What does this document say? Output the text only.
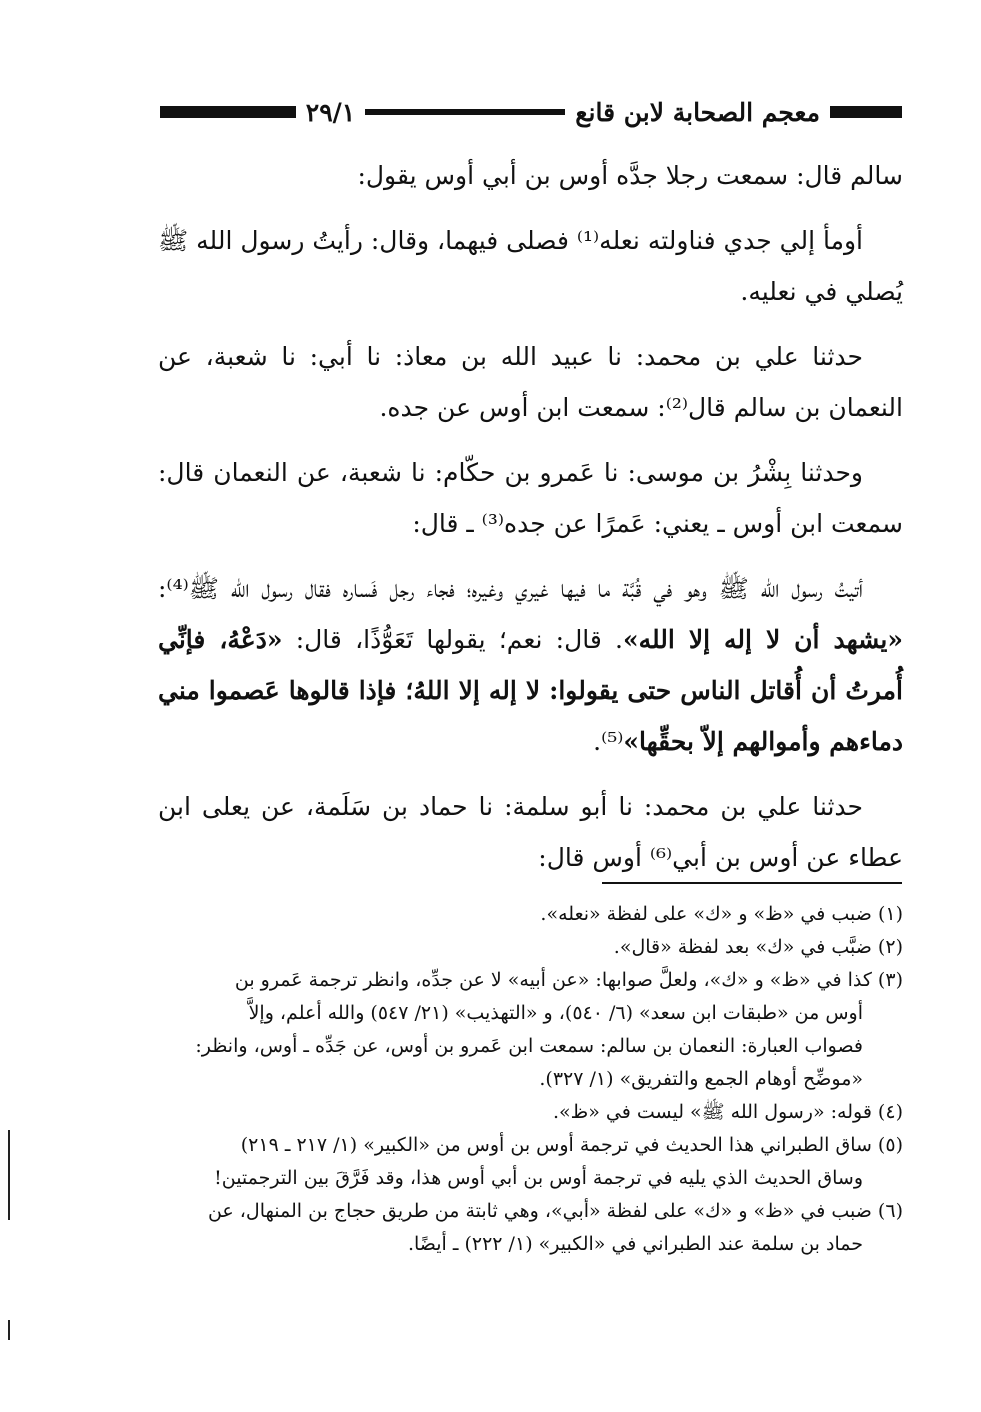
معجم الصحابة لابن قانع
٢٩/١

سالم قال: سمعت رجلا جدَّه أوس بن أبي أوس يقول:

أومأ إلي جدي فناولته نعله⁽¹⁾ فصلى فيهما، وقال: رأيتُ رسول الله ﷺ يُصلي في نعليه.

حدثنا علي بن محمد: نا عبيد الله بن معاذ: نا أبي: نا شعبة، عن النعمان بن سالم قال⁽²⁾: سمعت ابن أوس عن جده.

وحدثنا بِشْرُ بن موسى: نا عَمرو بن حكّام: نا شعبة، عن النعمان قال: سمعت ابن أوس ـ يعني: عَمرًا عن جده⁽³⁾ ـ قال:

أتيتُ رسول الله ﷺ وهو في قُبَّة ما فيها غيري وغيره؛ فجاء رجل فَساره فقال رسول الله ﷺ⁽⁴⁾: «يشهد أن لا إله إلا الله». قال: نعم؛ يقولها تَعَوُّذًا، قال: «دَعْهُ، فإنِّي أُمرتُ أن أُقاتل الناس حتى يقولوا: لا إله إلا اللهُ؛ فإذا قالوها عَصموا مني دماءهم وأموالهم إلاّ بحقِّها»⁽⁵⁾.

حدثنا علي بن محمد: نا أبو سلمة: نا حماد بن سَلَمة، عن يعلى ابن عطاء عن أوس بن أبي⁽⁶⁾ أوس قال:

(١) ضبب في «ظ» و «ك» على لفظة «نعله».

(٢) ضبَّب في «ك» بعد لفظة «قال».

(٣) كذا في «ظ» و «ك»، ولعلَّ صوابها: «عن أبيه» لا عن جدِّه، وانظر ترجمة عَمرو بن

أوس من «طبقات ابن سعد» (٦/ ٥٤٠)، و «التهذيب» (٢١/ ٥٤٧) والله أعلم، وإلاَّ

فصواب العبارة: النعمان بن سالم: سمعت ابن عَمرو بن أوس، عن جَدِّه ـ أوس، وانظر:

«موضِّح أوهام الجمع والتفريق» (١/ ٣٢٧).

(٤) قوله: «رسول الله ﷺ» ليست في «ظ».

(٥) ساق الطبراني هذا الحديث في ترجمة أوس بن أوس من «الكبير» (١/ ٢١٧ ـ ٢١٩)

وساق الحديث الذي يليه في ترجمة أوس بن أبي أوس هذا، وقد فَرَّقَ بين الترجمتين!

(٦) ضبب في «ظ» و «ك» على لفظة «أبي»، وهي ثابتة من طريق حجاج بن المنهال، عن

حماد بن سلمة عند الطبراني في «الكبير» (١/ ٢٢٢) ـ أيضًا.
